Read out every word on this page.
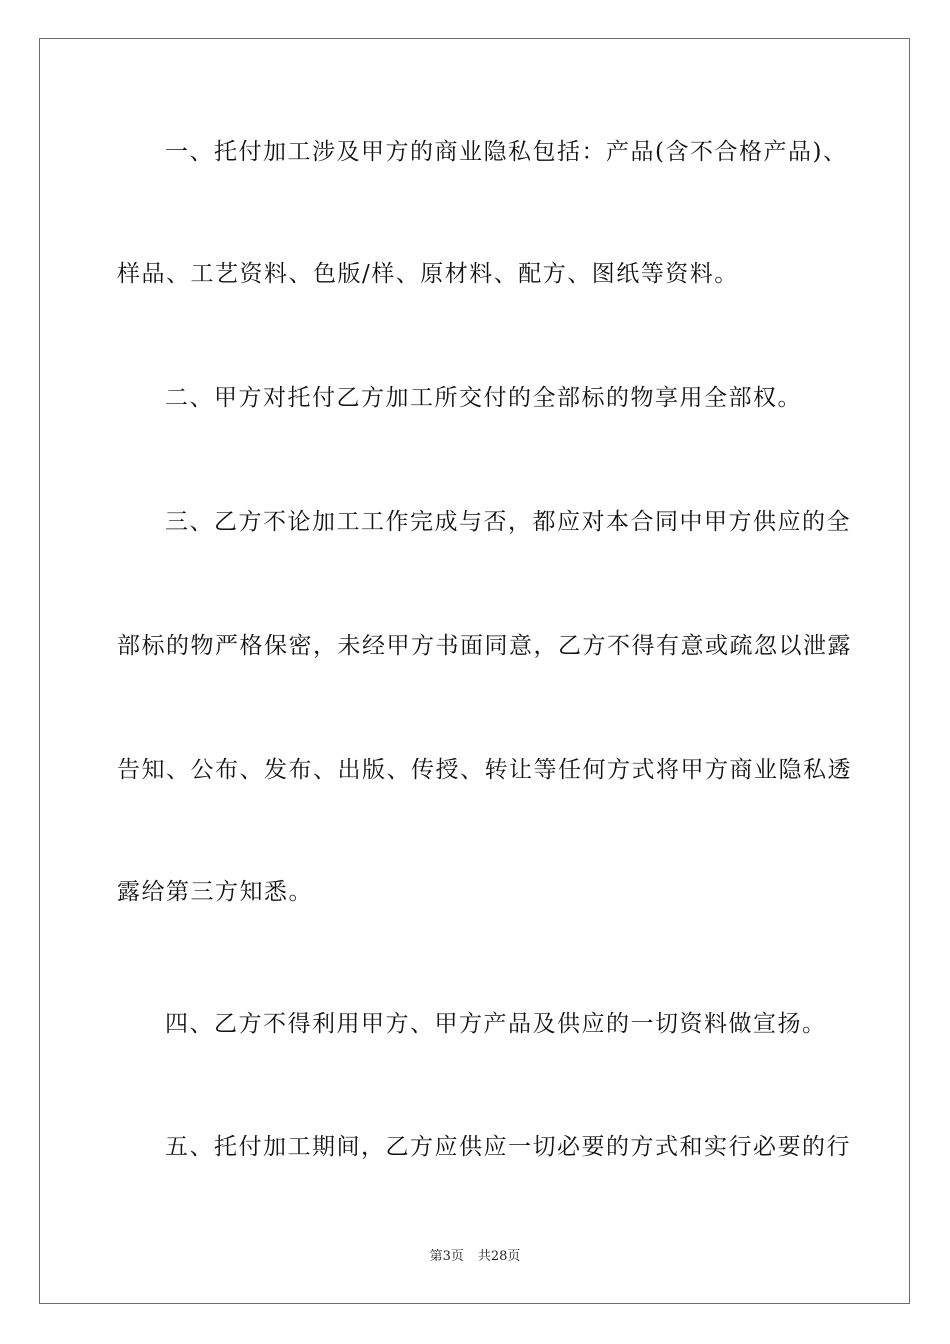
一、托付加工涉及甲方的商业隐私包括：产品(含不合格产品)、
样品、工艺资料、色版/样、原材料、配方、图纸等资料。
二、甲方对托付乙方加工所交付的全部标的物享用全部权。
三、乙方不论加工工作完成与否，都应对本合同中甲方供应的全
部标的物严格保密，未经甲方书面同意，乙方不得有意或疏忽以泄露
告知、公布、发布、出版、传授、转让等任何方式将甲方商业隐私透
露给第三方知悉。
四、乙方不得利用甲方、甲方产品及供应的一切资料做宣扬。
五、托付加工期间，乙方应供应一切必要的方式和实行必要的行
第3页 共28页
